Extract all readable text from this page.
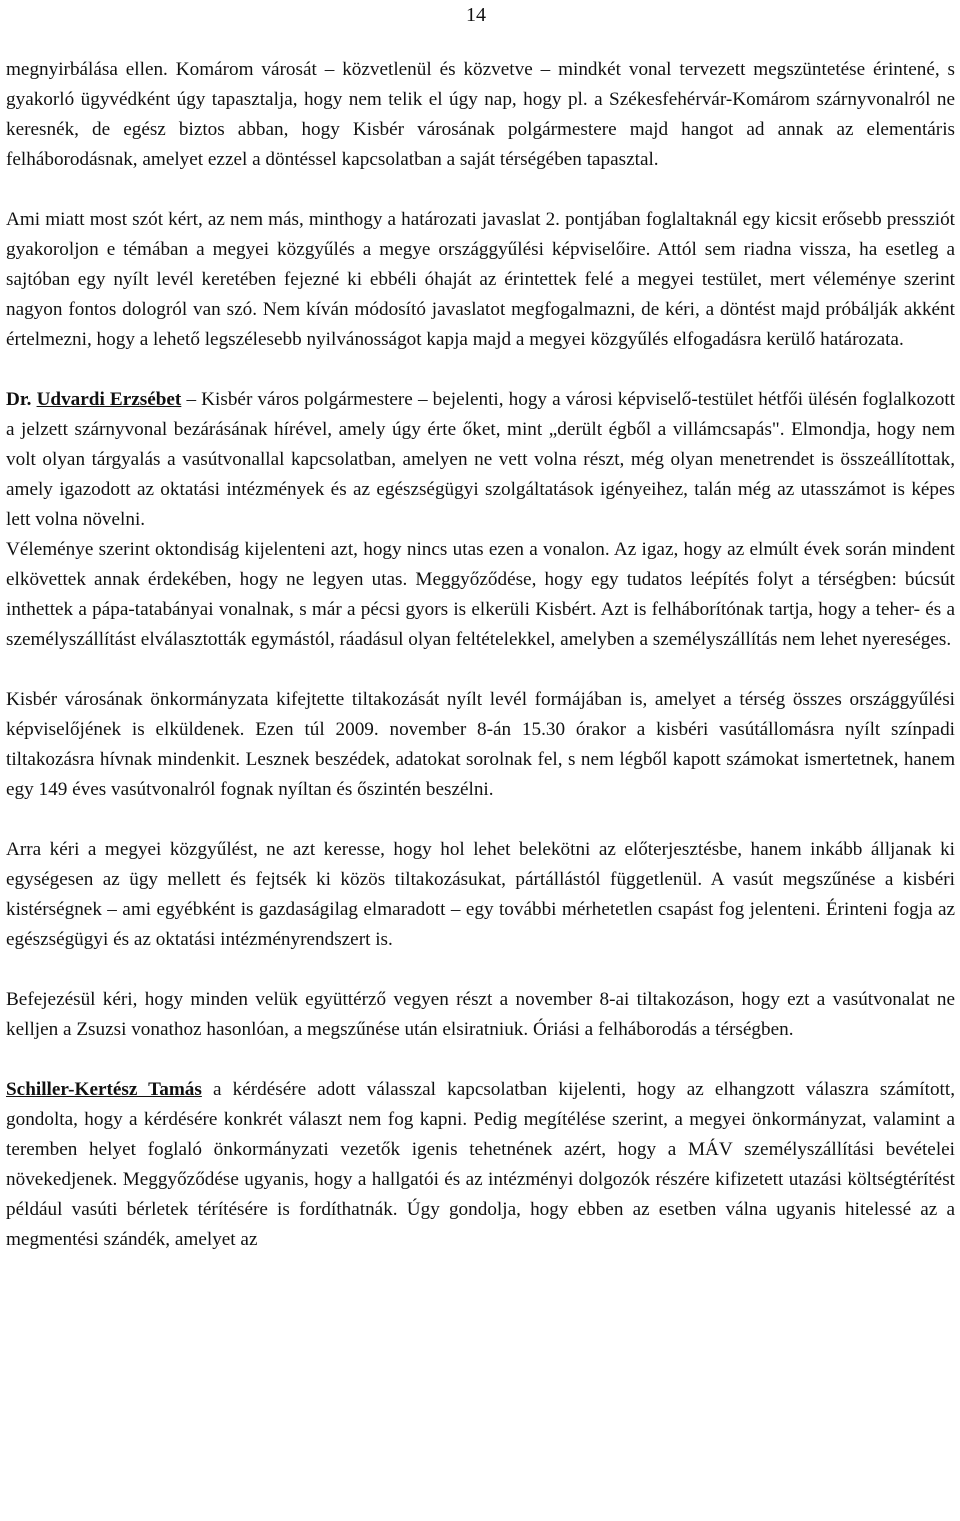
14

megnyirbálása ellen. Komárom városát – közvetlenül és közvetve – mindkét vonal tervezett megszüntetése érintené, s gyakorló ügyvédként úgy tapasztalja, hogy nem telik el úgy nap, hogy pl. a Székesfehérvár-Komárom szárnyvonalról ne keresnék, de egész biztos abban, hogy Kisbér városának polgármestere majd hangot ad annak az elementáris felháborodásnak, amelyet ezzel a döntéssel kapcsolatban a saját térségében tapasztal.

Ami miatt most szót kért, az nem más, minthogy a határozati javaslat 2. pontjában foglaltaknál egy kicsit erősebb pressziót gyakoroljon e témában a megyei közgyűlés a megye országgyűlési képviselőire. Attól sem riadna vissza, ha esetleg a sajtóban egy nyílt levél keretében fejezné ki ebbéli óhaját az érintettek felé a megyei testület, mert véleménye szerint nagyon fontos dologról van szó. Nem kíván módosító javaslatot megfogalmazni, de kéri, a döntést majd próbálják akként értelmezni, hogy a lehető legszélesebb nyilvánosságot kapja majd a megyei közgyűlés elfogadásra kerülő határozata.

Dr. Udvardi Erzsébet – Kisbér város polgármestere – bejelenti, hogy a városi képviselő-testület hétfői ülésén foglalkozott a jelzett szárnyvonal bezárásának hírével, amely úgy érte őket, mint „derült égből a villámcsapás". Elmondja, hogy nem volt olyan tárgyalás a vasútvonallal kapcsolatban, amelyen ne vett volna részt, még olyan menetrendet is összeállítottak, amely igazodott az oktatási intézmények és az egészségügyi szolgáltatások igényeihez, talán még az utasszámot is képes lett volna növelni.

Véleménye szerint oktondiság kijelenteni azt, hogy nincs utas ezen a vonalon. Az igaz, hogy az elmúlt évek során mindent elkövettek annak érdekében, hogy ne legyen utas. Meggyőződése, hogy egy tudatos leépítés folyt a térségben: búcsút inthettek a pápa-tatabányai vonalnak, s már a pécsi gyors is elkerüli Kisbért. Azt is felháborítónak tartja, hogy a teher- és a személyszállítást elválasztották egymástól, ráadásul olyan feltételekkel, amelyben a személyszállítás nem lehet nyereséges.

Kisbér városának önkormányzata kifejtette tiltakozását nyílt levél formájában is, amelyet a térség összes országgyűlési képviselőjének is elküldenek. Ezen túl 2009. november 8-án 15.30 órakor a kisbéri vasútállomásra nyílt színpadi tiltakozásra hívnak mindenkit. Lesznek beszédek, adatokat sorolnak fel, s nem légből kapott számokat ismertetnek, hanem egy 149 éves vasútvonalról fognak nyíltan és őszintén beszélni.

Arra kéri a megyei közgyűlést, ne azt keresse, hogy hol lehet belekötni az előterjesztésbe, hanem inkább álljanak ki egységesen az ügy mellett és fejtsék ki közös tiltakozásukat, pártállástól függetlenül. A vasút megszűnése a kisbéri kistérségnek – ami egyébként is gazdaságilag elmaradott – egy további mérhetetlen csapást fog jelenteni. Érinteni fogja az egészségügyi és az oktatási intézményrendszert is.

Befejezésül kéri, hogy minden velük együttérző vegyen részt a november 8-ai tiltakozáson, hogy ezt a vasútvonalat ne kelljen a Zsuzsi vonathoz hasonlóan, a megszűnése után elsiratniuk. Óriási a felháborodás a térségben.

Schiller-Kertész Tamás a kérdésére adott válasszal kapcsolatban kijelenti, hogy az elhangzott válaszra számított, gondolta, hogy a kérdésére konkrét választ nem fog kapni. Pedig megítélése szerint, a megyei önkormányzat, valamint a teremben helyet foglaló önkormányzati vezetők igenis tehetnének azért, hogy a MÁV személyszállítási bevételei növekedjenek. Meggyőződése ugyanis, hogy a hallgatói és az intézményi dolgozók részére kifizetett utazási költségtérítést például vasúti bérletek térítésére is fordíthatnák. Úgy gondolja, hogy ebben az esetben válna ugyanis hitelessé az a megmentési szándék, amelyet az
